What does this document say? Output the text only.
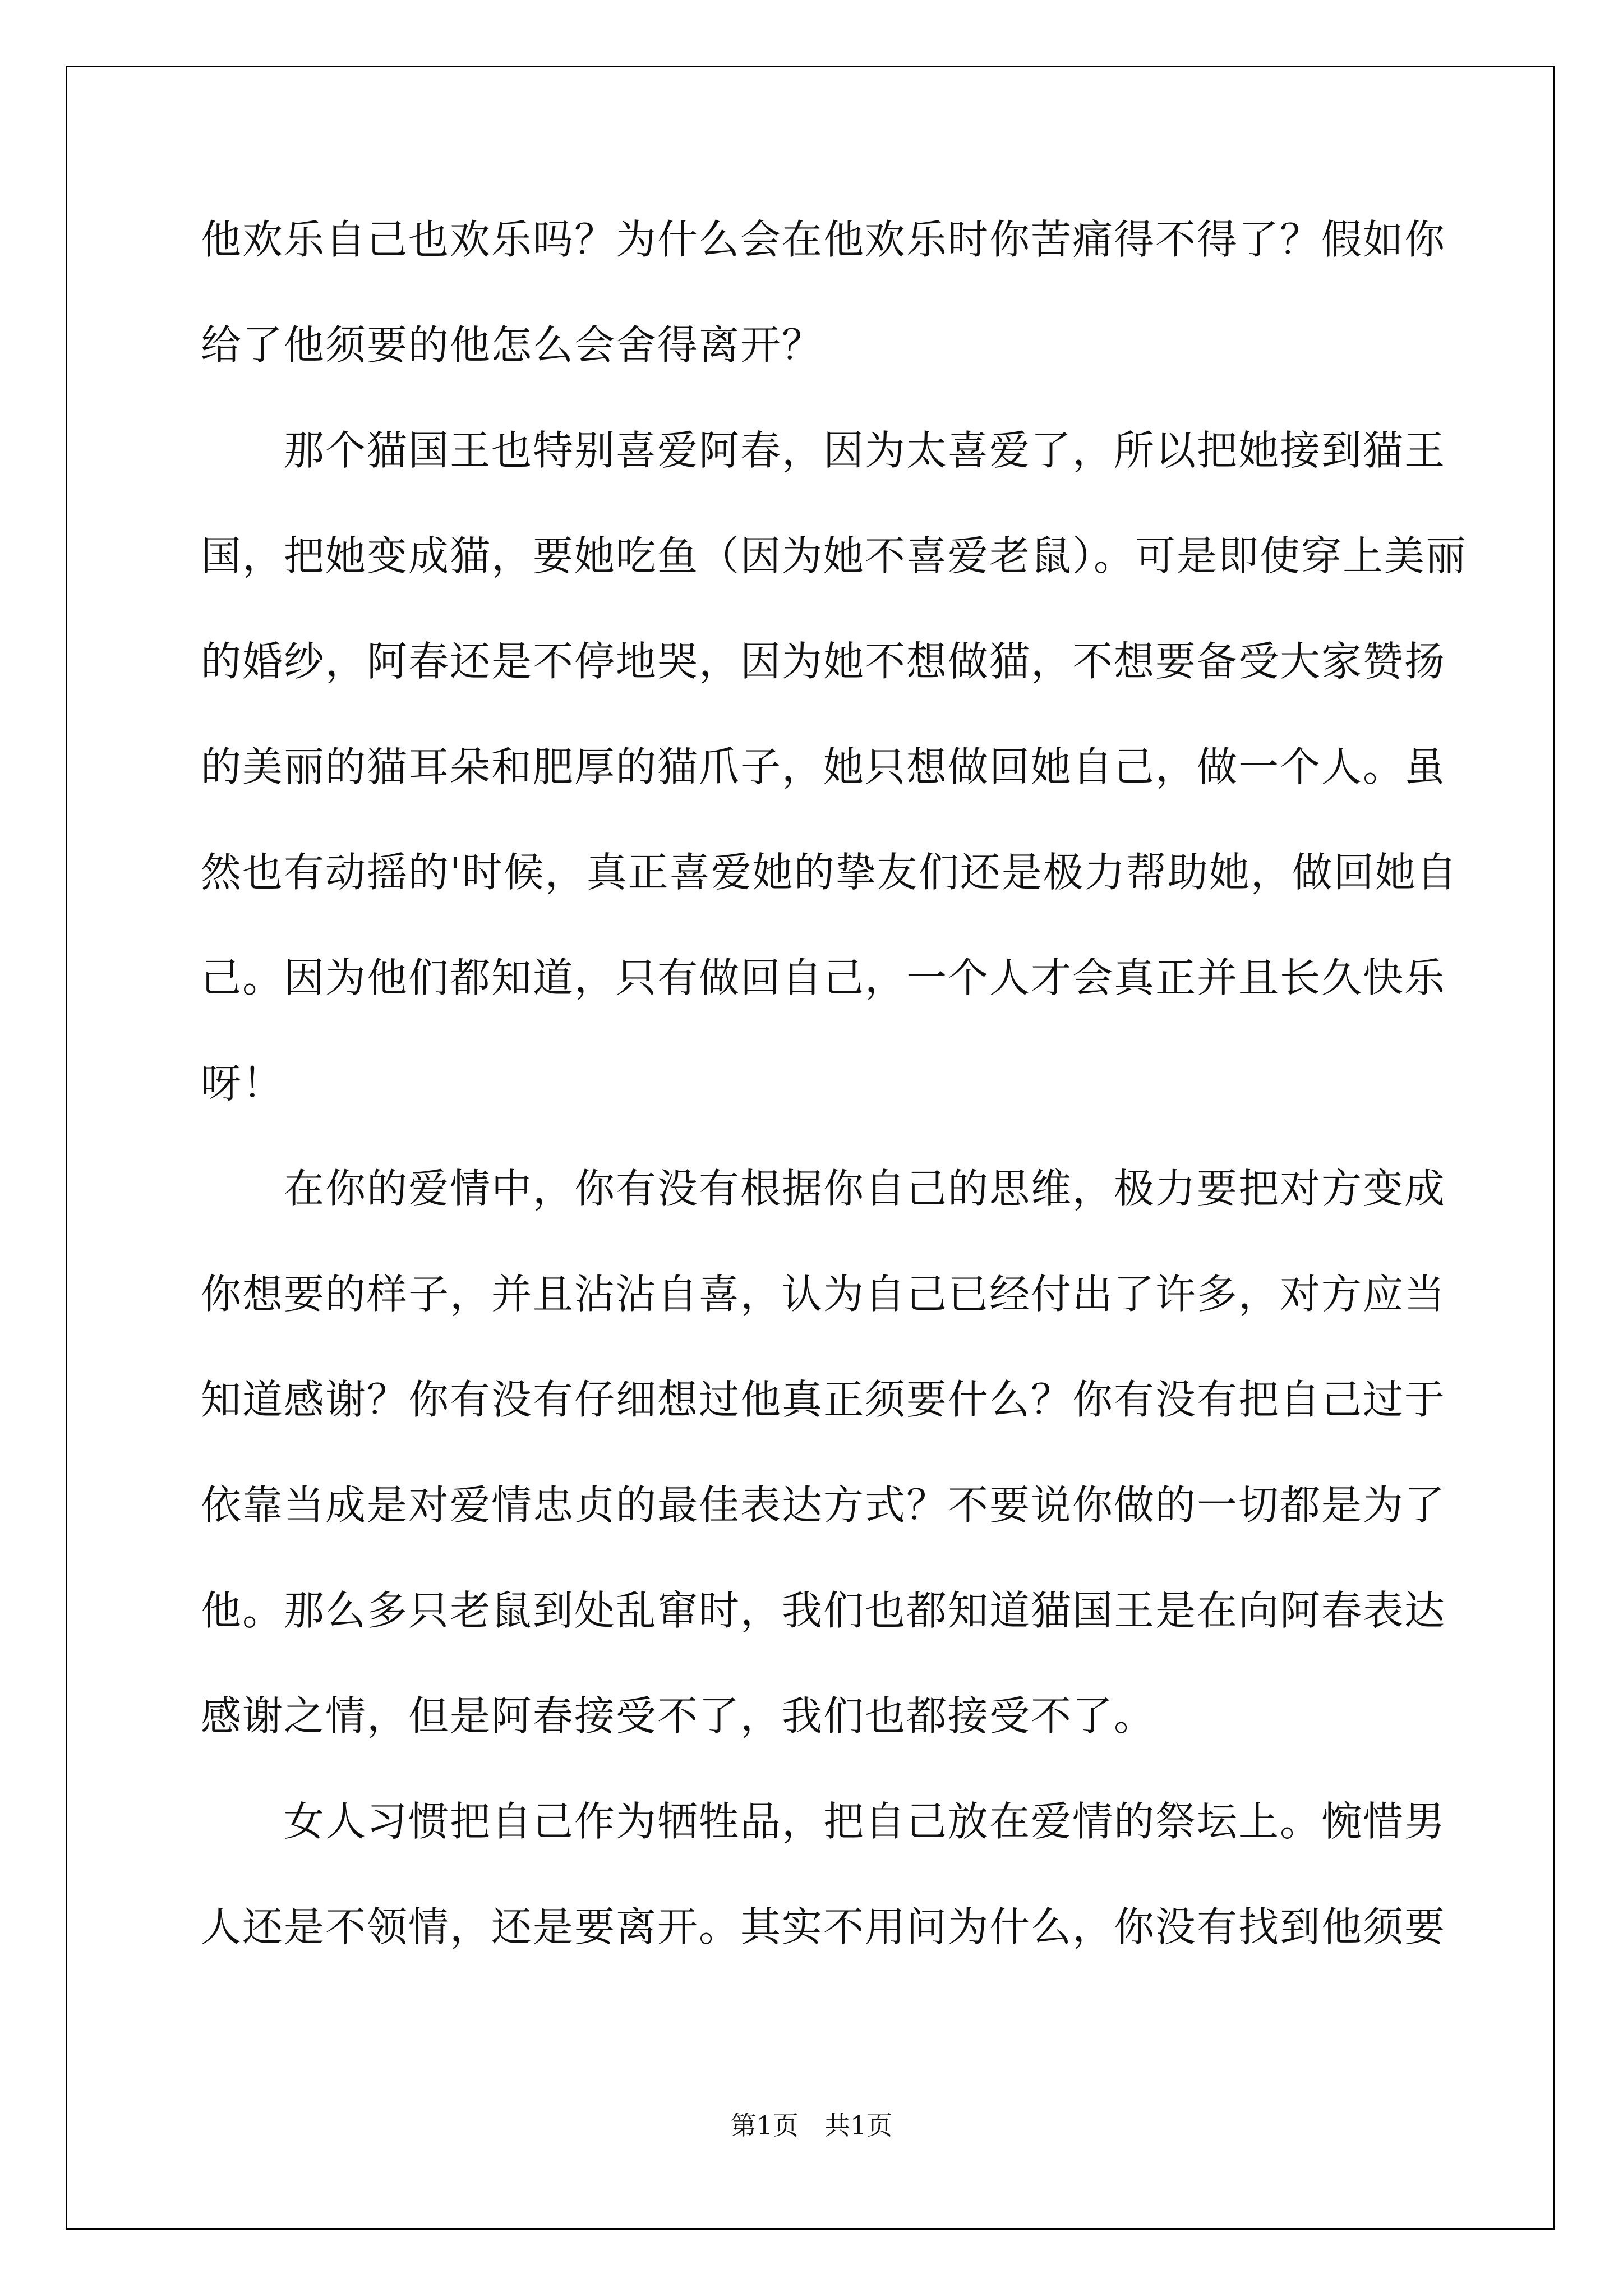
他欢乐自己也欢乐吗？为什么会在他欢乐时你苦痛得不得了？假如你
给了他须要的他怎么会舍得离开？
　　那个猫国王也特别喜爱阿春，因为太喜爱了，所以把她接到猫王
国，把她变成猫，要她吃鱼（因为她不喜爱老鼠）。可是即使穿上美丽
的婚纱，阿春还是不停地哭，因为她不想做猫，不想要备受大家赞扬
的美丽的猫耳朵和肥厚的猫爪子，她只想做回她自己，做一个人。虽
然也有动摇的'时候，真正喜爱她的挚友们还是极力帮助她，做回她自
己。因为他们都知道，只有做回自己，一个人才会真正并且长久快乐
呀！
　　在你的爱情中，你有没有根据你自己的思维，极力要把对方变成
你想要的样子，并且沾沾自喜，认为自己已经付出了许多，对方应当
知道感谢？你有没有仔细想过他真正须要什么？你有没有把自己过于
依靠当成是对爱情忠贞的最佳表达方式？不要说你做的一切都是为了
他。那么多只老鼠到处乱窜时，我们也都知道猫国王是在向阿春表达
感谢之情，但是阿春接受不了，我们也都接受不了。
　　女人习惯把自己作为牺牲品，把自己放在爱情的祭坛上。惋惜男
人还是不领情，还是要离开。其实不用问为什么，你没有找到他须要
第1页　共1页
